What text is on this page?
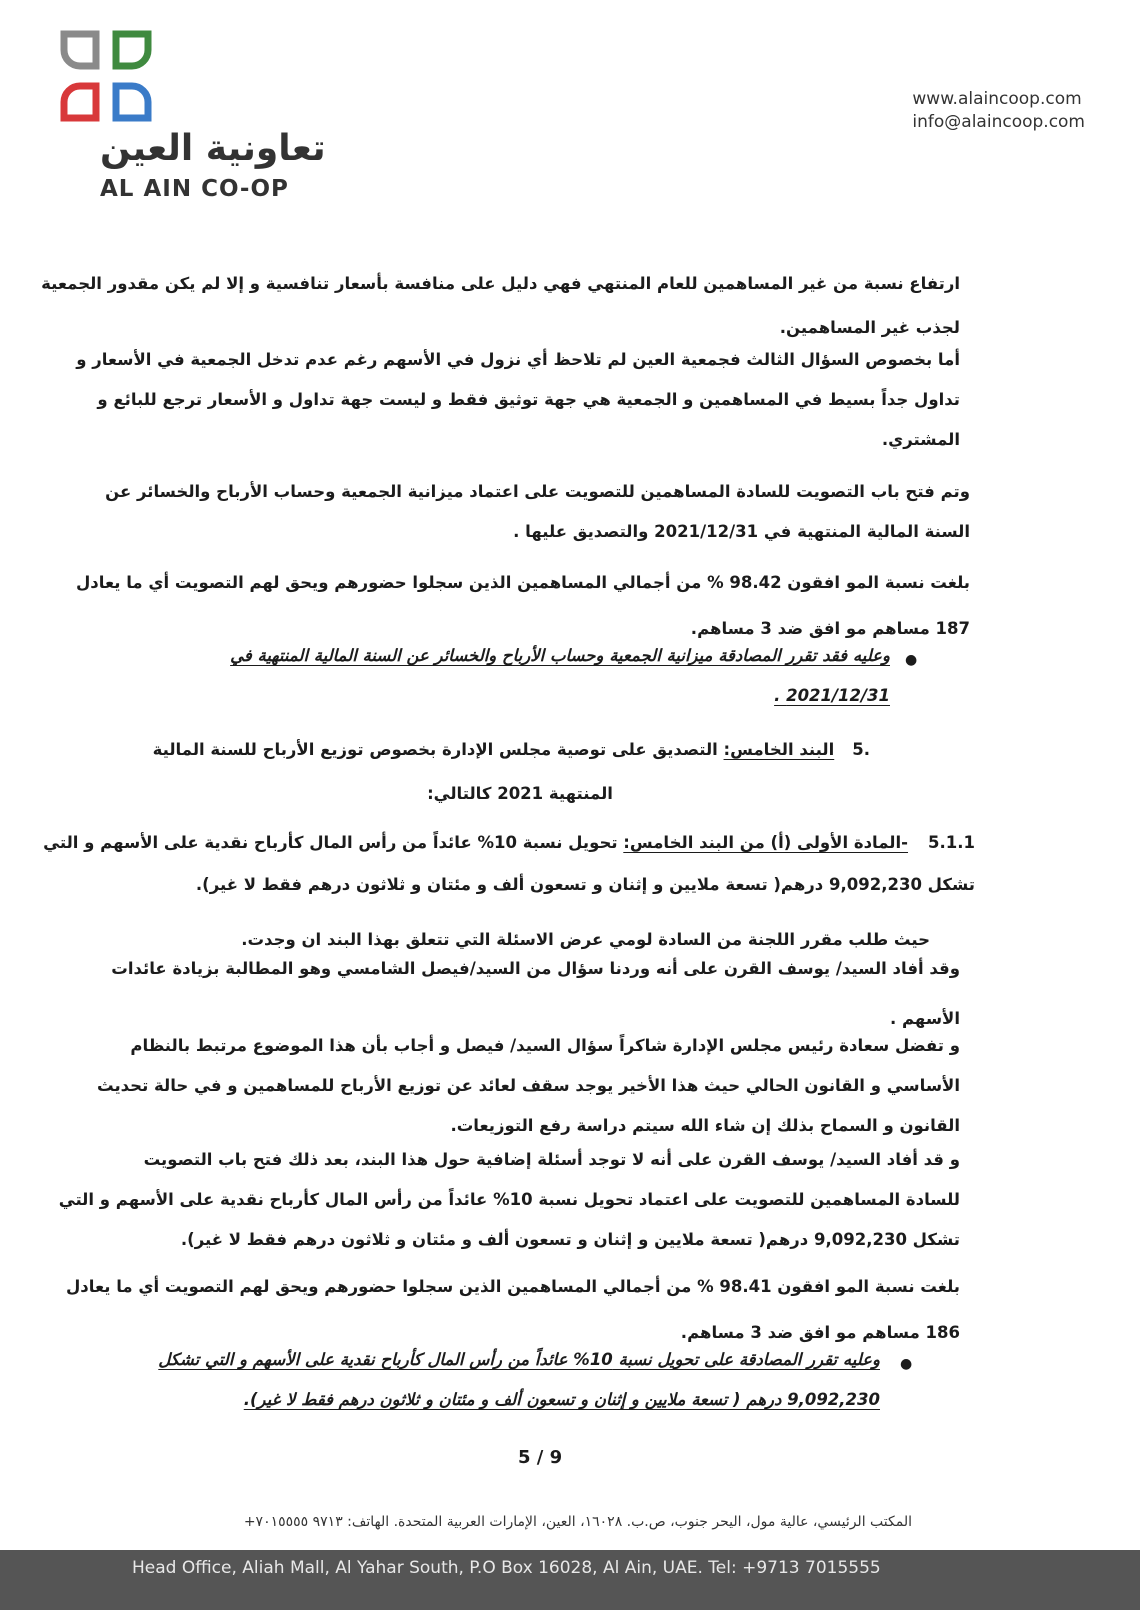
تعاونية العين
AL AIN CO-OP
www.alaincoop.com
info@alaincoop.com
ارتفاع نسبة من غير المساهمين للعام المنتهي فهي دليل على منافسة بأسعار تنافسية و إلا لم يكن مقدور الجمعية
لجذب غير المساهمين.
أما بخصوص السؤال الثالث فجمعية العين لم تلاحظ أي نزول في الأسهم رغم عدم تدخل الجمعية في الأسعار و
تداول جداً بسيط في المساهمين و الجمعية هي جهة توثيق فقط و ليست جهة تداول و الأسعار ترجع للبائع و
المشتري.
وتم فتح باب التصويت للسادة المساهمين للتصويت على اعتماد ميزانية الجمعية وحساب الأرباح والخسائر عن
السنة المالية المنتهية في 2021/12/31 والتصديق عليها .
بلغت نسبة المو افقون 98.42 % من أجمالي المساهمين الذين سجلوا حضورهم ويحق لهم التصويت أي ما يعادل
187 مساهم مو افق ضد 3 مساهم.
●
وعليه فقد تقرر المصادقة ميزانية الجمعية وحساب الأرباح والخسائر عن السنة المالية المنتهية في
2021/12/31 .
.5البند الخامس: التصديق على توصية مجلس الإدارة بخصوص توزيع الأرباح للسنة المالية
المنتهية 2021 كالتالي:
5.1.1-المادة الأولى (أ) من البند الخامس: تحويل نسبة 10% عائداً من رأس المال كأرباح نقدية على الأسهم و التي
تشكل 9,092,230 درهم( تسعة ملايين و إثنان و تسعون ألف و مئتان و ثلاثون درهم فقط لا غير).
حيث طلب مقرر اللجنة من السادة لومي عرض الاسئلة التي تتعلق بهذا البند ان وجدت.
وقد أفاد السيد/ يوسف القرن على أنه وردنا سؤال من السيد/فيصل الشامسي وهو المطالبة بزيادة عائدات
الأسهم .
و تفضل سعادة رئيس مجلس الإدارة شاكراً سؤال السيد/ فيصل و أجاب بأن هذا الموضوع مرتبط بالنظام
الأساسي و القانون الحالي حيث هذا الأخير يوجد سقف لعائد عن توزيع الأرباح للمساهمين و في حالة تحديث
القانون و السماح بذلك إن شاء الله سيتم دراسة رفع التوزيعات.
و قد أفاد السيد/ يوسف القرن على أنه لا توجد أسئلة إضافية حول هذا البند، بعد ذلك فتح باب التصويت
للسادة المساهمين للتصويت على اعتماد تحويل نسبة 10% عائداً من رأس المال كأرباح نقدية على الأسهم و التي
تشكل 9,092,230 درهم( تسعة ملايين و إثنان و تسعون ألف و مئتان و ثلاثون درهم فقط لا غير).
بلغت نسبة المو افقون 98.41 % من أجمالي المساهمين الذين سجلوا حضورهم ويحق لهم التصويت أي ما يعادل
186 مساهم مو افق ضد 3 مساهم.
●
وعليه تقرر المصادقة على تحويل نسبة 10% عائداً من رأس المال كأرباح نقدية على الأسهم و التي تشكل
9,092,230 درهم ( تسعة ملايين و إثنان و تسعون ألف و مئتان و ثلاثون درهم فقط لا غير).
5 / 9
المكتب الرئيسي، عالية مول، اليحر جنوب، ص.ب. ١٦٠٢٨، العين، الإمارات العربية المتحدة. الهاتف: ٩٧١٣ ٧٠١٥٥٥٥+
Head Office, Aliah Mall, Al Yahar South, P.O Box 16028, Al Ain, UAE. Tel: +9713 7015555
